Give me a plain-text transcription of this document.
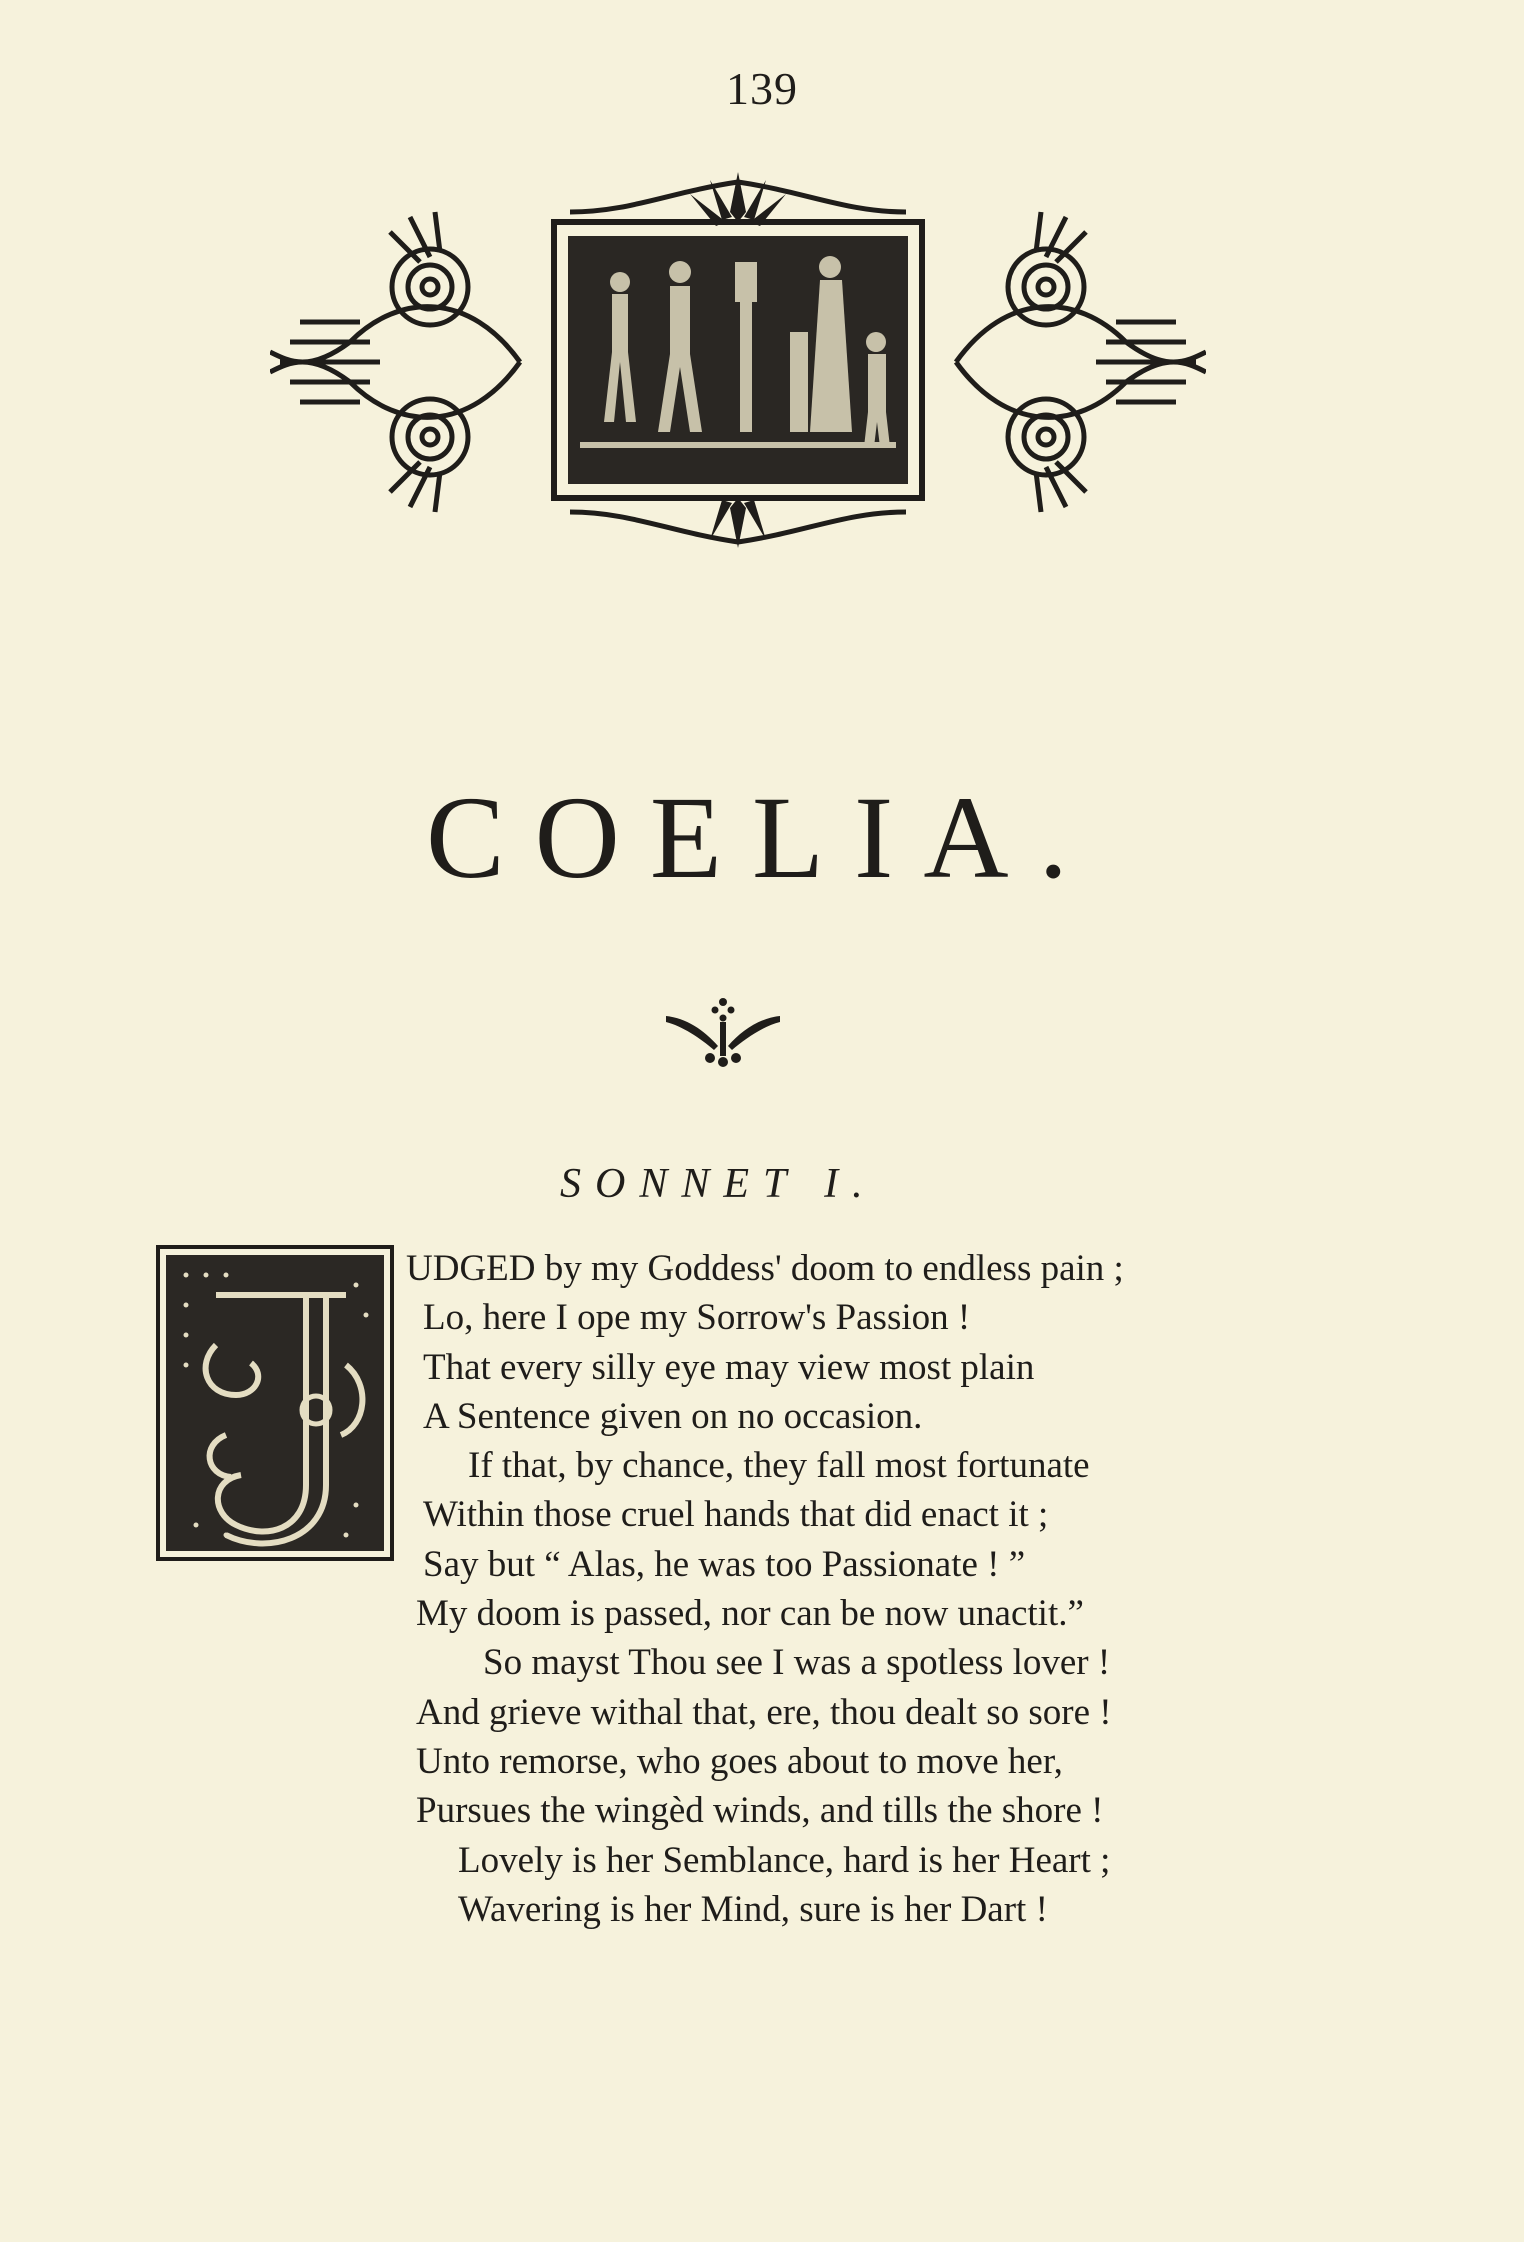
139
COELIA.
SONNET I.
UDGED by my Goddess' doom to endless pain ;
Lo, here I ope my Sorrow's Passion !
That every silly eye may view most plain
A Sentence given on no occasion.
If that, by chance, they fall most fortunate
Within those cruel hands that did enact it ;
Say but “ Alas, he was too Passionate ! ”
My doom is passed, nor can be now unactit.”
So mayst Thou see I was a spotless lover !
And grieve withal that, ere, thou dealt so sore !
Unto remorse, who goes about to move her,
Pursues the wingèd winds, and tills the shore !
Lovely is her Semblance, hard is her Heart ;
Wavering is her Mind, sure is her Dart !
